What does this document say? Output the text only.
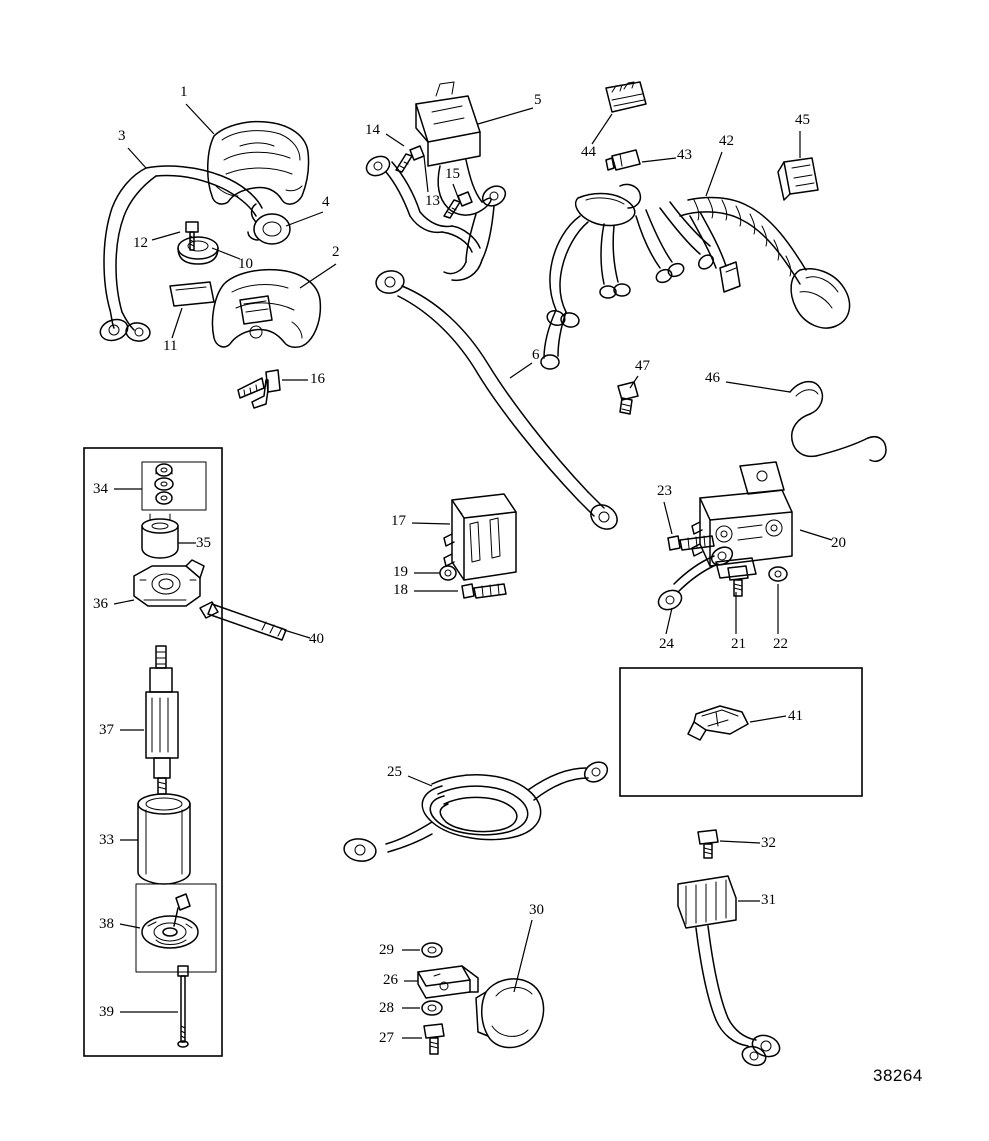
1
2
3
4
5
6
10
11
12
13
14
15
16
17
18
19
20
21 22
23
24
25
26
27
28
29
30
31
32
33
34
35
36
37
38
39
40
41
42
43
44
45
46
47
38264
